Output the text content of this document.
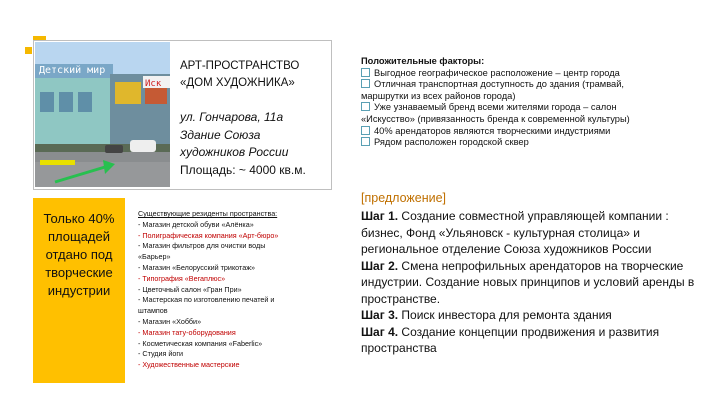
Детский мир
Иск
АРТ-ПРОСТРАНСТВО
«ДОМ ХУДОЖНИКА»
ул. Гончарова, 11а
Здание Союза
художников России
Площадь: ~ 4000 кв.м.
Только 40%
площадей
отдано под
творческие
индустрии
Существующие резиденты пространства:
- Магазин детской обуви «Алёнка»
- Полиграфическая компания «Арт-бюро»
- Магазин фильтров для очистки воды
«Барьер»
- Магазин «Белорусский трикотаж»
- Типография «Вегаплюс»
- Цветочный салон «Гран При»
- Мастерская по изготовлению печатей и
штампов
- Магазин «Хобби»
- Магазин тату-оборудования
- Косметическая компания «Faberlic»
- Студия йоги
- Художественные мастерские
Положительные факторы:
Выгодное географическое расположение – центр города
Отличная транспортная доступность до здания (трамвай,
маршрутки из всех районов города)
Уже узнаваемый бренд всеми жителями города – салон
«Искусство» (привязанность бренда к современной культуры)
40% арендаторов являются творческими индустриями
Рядом расположен городской сквер
[предложение]
Шаг 1. Создание совместной управляющей компании : бизнес, Фонд «Ульяновск - культурная столица» и региональное отделение Союза художников России
Шаг 2. Смена непрофильных арендаторов на творческие индустрии. Создание новых принципов и условий аренды в пространстве.
Шаг 3. Поиск инвестора для ремонта здания
Шаг 4. Создание концепции продвижения и развития пространства
